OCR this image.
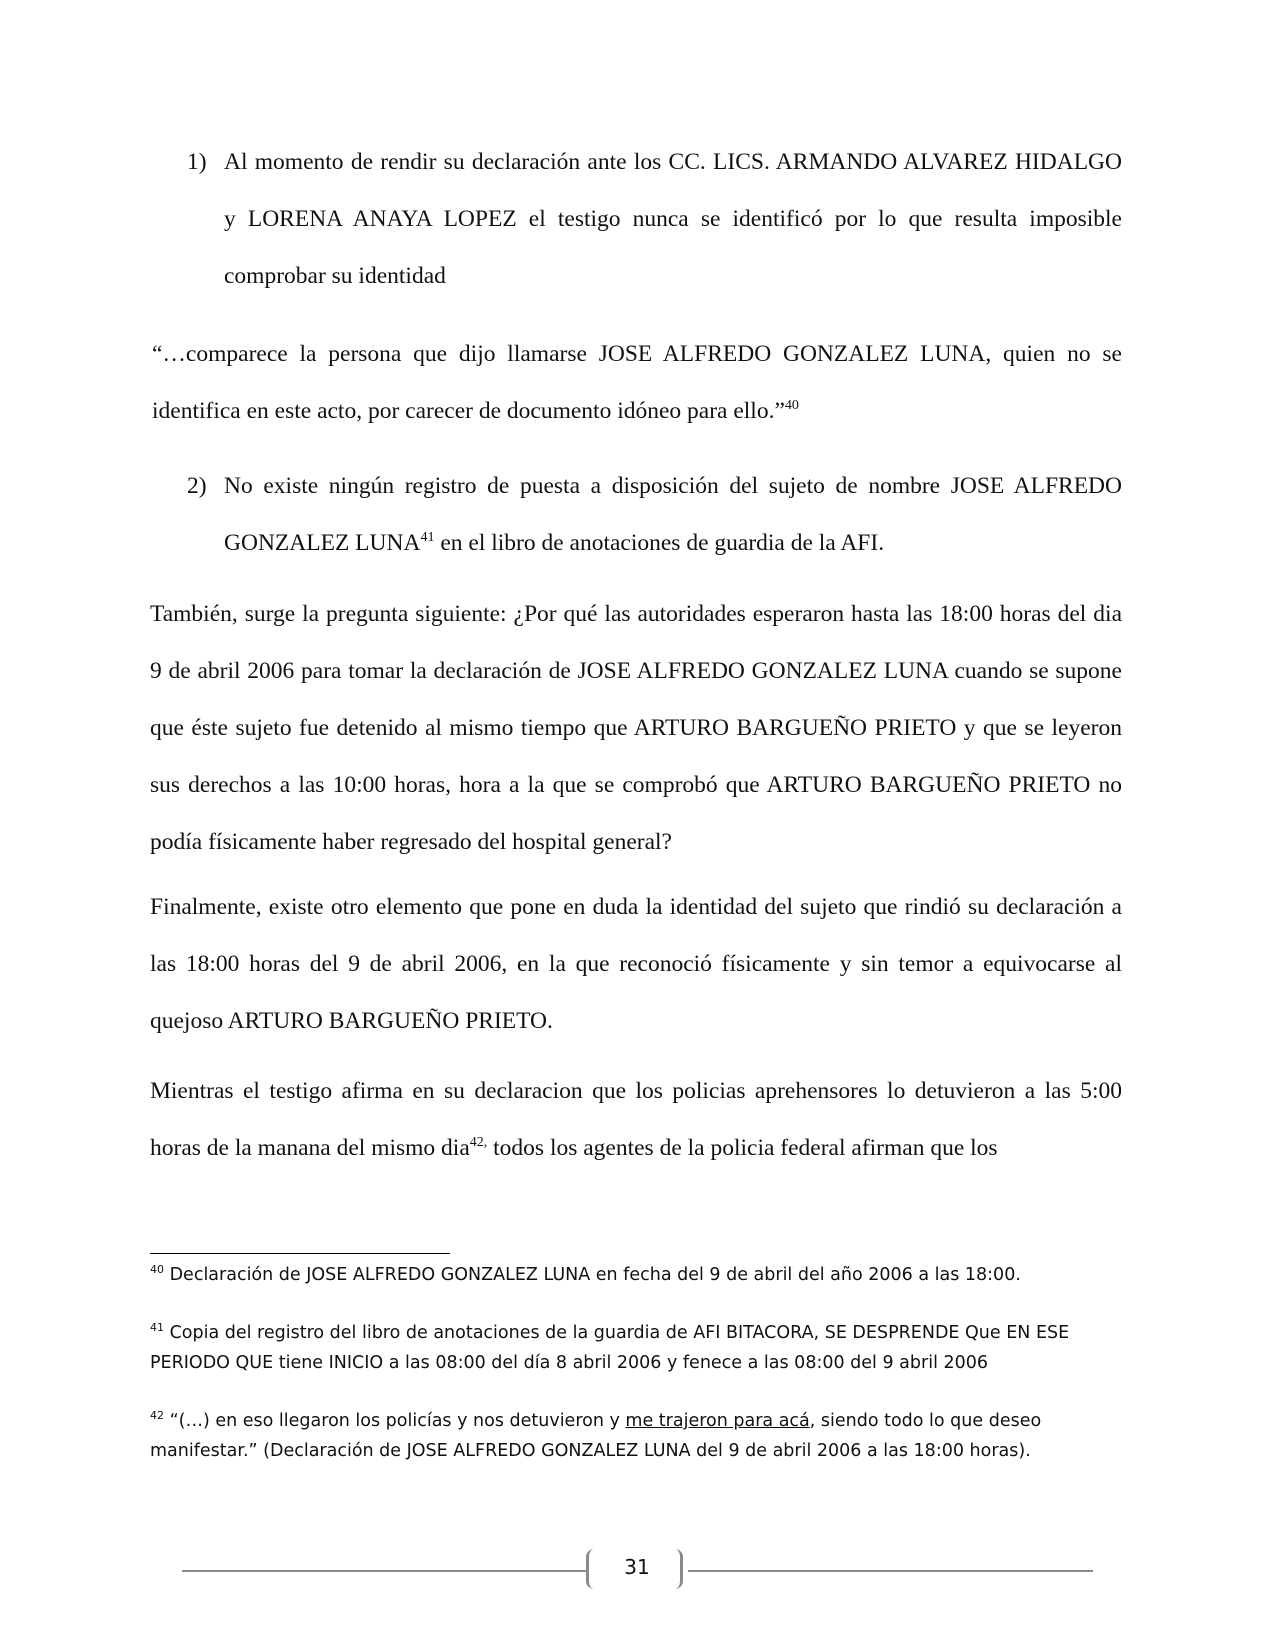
1) Al momento de rendir su declaración ante los CC. LICS. ARMANDO ALVAREZ HIDALGO y LORENA ANAYA LOPEZ el testigo nunca se identificó por lo que resulta imposible comprobar su identidad
“…comparece la persona que dijo llamarse JOSE ALFREDO GONZALEZ LUNA, quien no se identifica en este acto, por carecer de documento idóneo para ello.”$^{40}$
2) No existe ningún registro de puesta a disposición del sujeto de nombre JOSE ALFREDO GONZALEZ LUNA$^{41}$ en el libro de anotaciones de guardia de la AFI.
También, surge la pregunta siguiente: ¿Por qué las autoridades esperaron hasta las 18:00 horas del dia 9 de abril 2006 para tomar la declaración de JOSE ALFREDO GONZALEZ LUNA cuando se supone que éste sujeto fue detenido al mismo tiempo que ARTURO BARGUEÑO PRIETO y que se leyeron sus derechos a las 10:00 horas, hora a la que se comprobó que ARTURO BARGUEÑO PRIETO no podía físicamente haber regresado del hospital general?
Finalmente, existe otro elemento que pone en duda la identidad del sujeto que rindió su declaración a las 18:00 horas del 9 de abril 2006, en la que reconoció físicamente y sin temor a equivocarse al quejoso ARTURO BARGUEÑO PRIETO.
Mientras el testigo afirma en su declaracion que los policias aprehensores lo detuvieron a las 5:00 horas de la manana del mismo dia$^{42,}$ todos los agentes de la policia federal afirman que los
$^{40}$ Declaración de JOSE ALFREDO GONZALEZ LUNA en fecha del 9 de abril del año 2006 a las 18:00.
$^{41}$ Copia del registro del libro de anotaciones de la guardia de AFI BITACORA, SE DESPRENDE Que EN ESE PERIODO QUE tiene INICIO a las 08:00 del día 8 abril 2006 y fenece a las 08:00 del 9 abril 2006
$^{42}$ “(…) en eso llegaron los policías y nos detuvieron y me trajeron para acá, siendo todo lo que deseo manifestar.” (Declaración de JOSE ALFREDO GONZALEZ LUNA del 9 de abril 2006 a las 18:00 horas).
31
